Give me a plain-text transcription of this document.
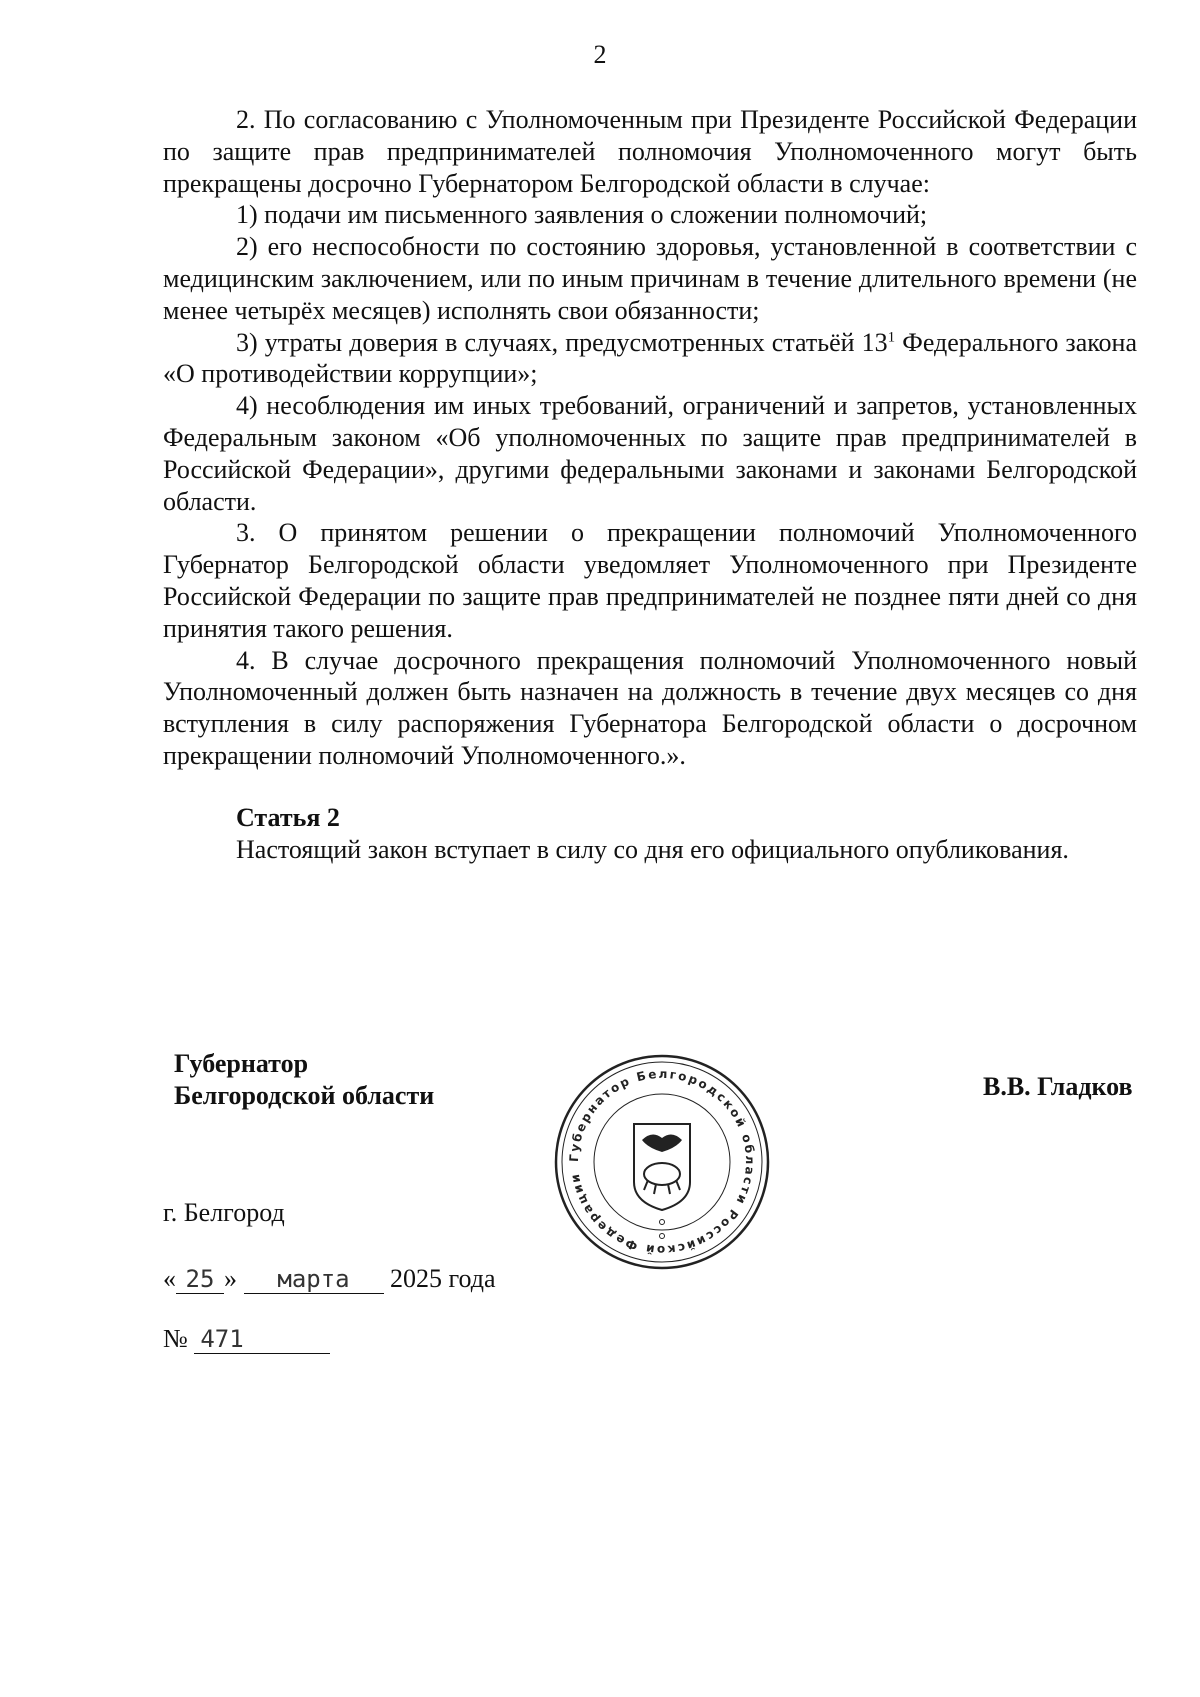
2

2. По согласованию с Уполномоченным при Президенте Российской Федерации по защите прав предпринимателей полномочия Уполномоченного могут быть прекращены досрочно Губернатором Белгородской области в случае:

1) подачи им письменного заявления о сложении полномочий;

2) его неспособности по состоянию здоровья, установленной в соответствии с медицинским заключением, или по иным причинам в течение длительного времени (не менее четырёх месяцев) исполнять свои обязанности;

3) утраты доверия в случаях, предусмотренных статьёй $13^1$ Федерального закона «О противодействии коррупции»;

4) несоблюдения им иных требований, ограничений и запретов, установленных Федеральным законом «Об уполномоченных по защите прав предпринимателей в Российской Федерации», другими федеральными законами и законами Белгородской области.

3. О принятом решении о прекращении полномочий Уполномоченного Губернатор Белгородской области уведомляет Уполномоченного при Президенте Российской Федерации по защите прав предпринимателей не позднее пяти дней со дня принятия такого решения.

4. В случае досрочного прекращения полномочий Уполномоченного новый Уполномоченный должен быть назначен на должность в течение двух месяцев со дня вступления в силу распоряжения Губернатора Белгородской области о досрочном прекращении полномочий Уполномоченного.».

Статья 2

Настоящий закон вступает в силу со дня его официального опубликования.

Губернатор
Белгородской области	В.В. Гладков
Губернатор Белгородской области Российской Федерации
г. Белгород
« 25 » марта 2025 года
№ 471
